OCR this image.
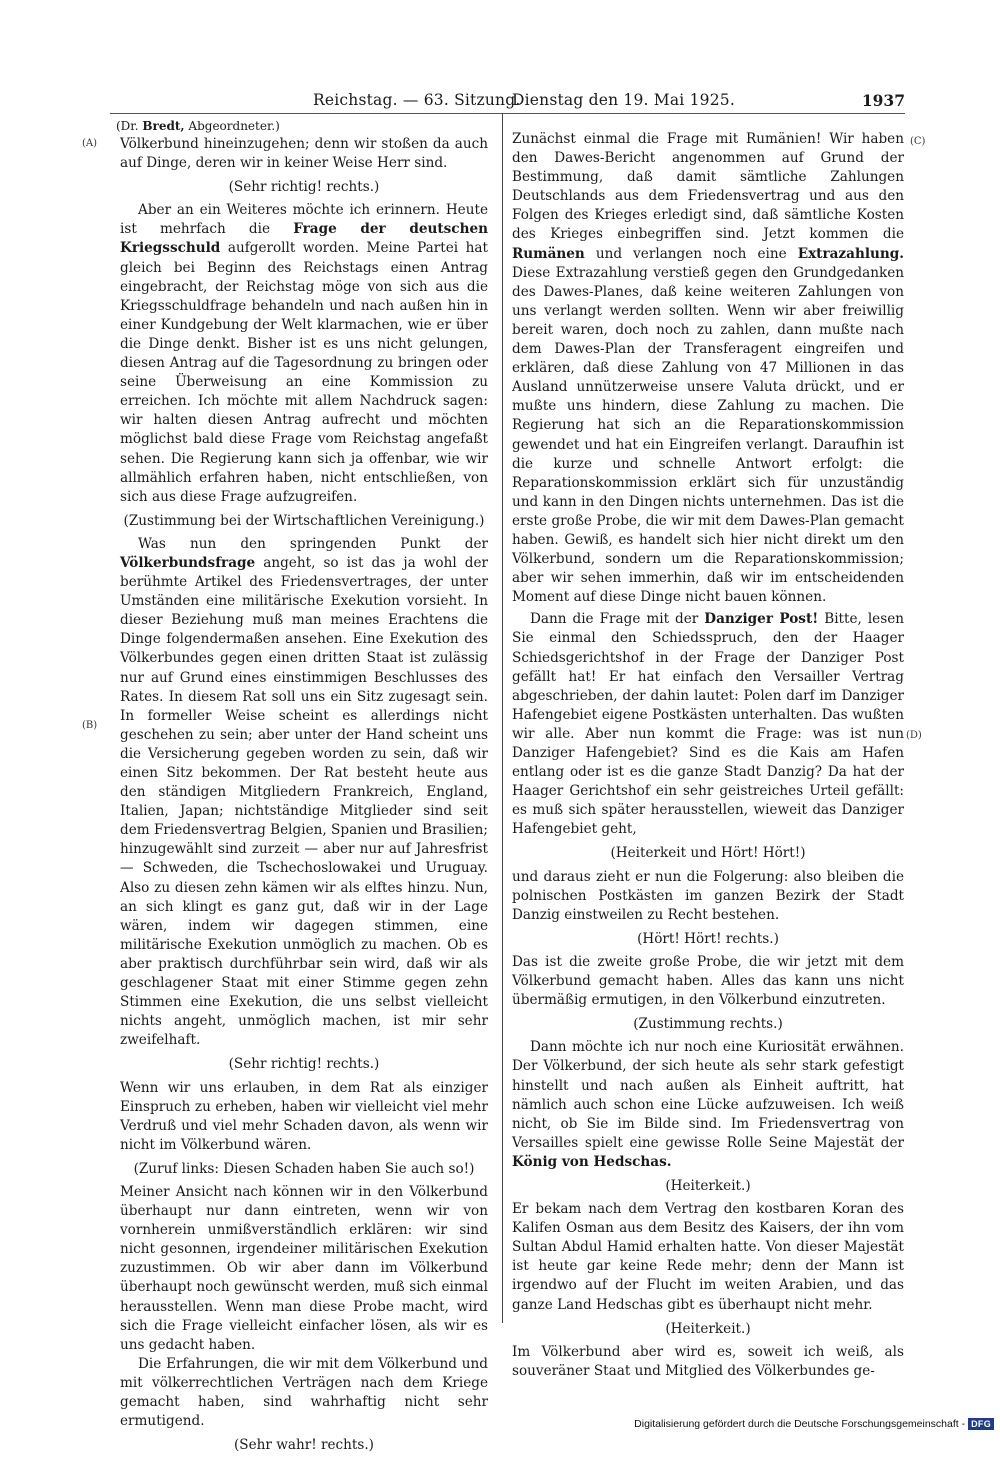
Reichstag. — 63. Sitzung.
Dienstag den 19. Mai 1925.	1937
(A)
(B)
(C)
(D)

(Dr. Bredt, Abgeordneter.)

Völkerbund hineinzugehen; denn wir stoßen da auch auf Dinge, deren wir in keiner Weise Herr sind.

(Sehr richtig! rechts.)

Aber an ein Weiteres möchte ich erinnern. Heute ist mehrfach die Frage der deutschen Kriegsschuld aufgerollt worden. Meine Partei hat gleich bei Beginn des Reichstags einen Antrag eingebracht, der Reichstag möge von sich aus die Kriegsschuldfrage behandeln und nach außen hin in einer Kundgebung der Welt klarmachen, wie er über die Dinge denkt. Bisher ist es uns nicht gelungen, diesen Antrag auf die Tagesordnung zu bringen oder seine Überweisung an eine Kommission zu erreichen. Ich möchte mit allem Nachdruck sagen: wir halten diesen Antrag aufrecht und möchten möglichst bald diese Frage vom Reichstag angefaßt sehen. Die Regierung kann sich ja offenbar, wie wir allmählich erfahren haben, nicht entschließen, von sich aus diese Frage aufzugreifen.

(Zustimmung bei der Wirtschaftlichen Vereinigung.)

Was nun den springenden Punkt der Völkerbundsfrage angeht, so ist das ja wohl der berühmte Artikel des Friedensvertrages, der unter Umständen eine militärische Exekution vorsieht. In dieser Beziehung muß man meines Erachtens die Dinge folgendermaßen ansehen. Eine Exekution des Völkerbundes gegen einen dritten Staat ist zulässig nur auf Grund eines einstimmigen Beschlusses des Rates. In diesem Rat soll uns ein Sitz zugesagt sein. In formeller Weise scheint es allerdings nicht geschehen zu sein; aber unter der Hand scheint uns die Versicherung gegeben worden zu sein, daß wir einen Sitz bekommen. Der Rat besteht heute aus den ständigen Mitgliedern Frankreich, England, Italien, Japan; nichtständige Mitglieder sind seit dem Friedensvertrag Belgien, Spanien und Brasilien; hinzugewählt sind zurzeit — aber nur auf Jahresfrist — Schweden, die Tschechoslowakei und Uruguay. Also zu diesen zehn kämen wir als elftes hinzu. Nun, an sich klingt es ganz gut, daß wir in der Lage wären, indem wir dagegen stimmen, eine militärische Exekution unmöglich zu machen. Ob es aber praktisch durchführbar sein wird, daß wir als geschlagener Staat mit einer Stimme gegen zehn Stimmen eine Exekution, die uns selbst vielleicht nichts angeht, unmöglich machen, ist mir sehr zweifelhaft.

(Sehr richtig! rechts.)

Wenn wir uns erlauben, in dem Rat als einziger Einspruch zu erheben, haben wir vielleicht viel mehr Verdruß und viel mehr Schaden davon, als wenn wir nicht im Völkerbund wären.

(Zuruf links: Diesen Schaden haben Sie auch so!)

Meiner Ansicht nach können wir in den Völkerbund überhaupt nur dann eintreten, wenn wir von vornherein unmißverständlich erklären: wir sind nicht gesonnen, irgendeiner militärischen Exekution zuzustimmen. Ob wir aber dann im Völkerbund überhaupt noch gewünscht werden, muß sich einmal herausstellen. Wenn man diese Probe macht, wird sich die Frage vielleicht einfacher lösen, als wir es uns gedacht haben.

Die Erfahrungen, die wir mit dem Völkerbund und mit völkerrechtlichen Verträgen nach dem Kriege gemacht haben, sind wahrhaftig nicht sehr ermutigend.

(Sehr wahr! rechts.)

Zunächst einmal die Frage mit Rumänien! Wir haben den Dawes-Bericht angenommen auf Grund der Bestimmung, daß damit sämtliche Zahlungen Deutschlands aus dem Friedensvertrag und aus den Folgen des Krieges erledigt sind, daß sämtliche Kosten des Krieges einbegriffen sind. Jetzt kommen die Rumänen und verlangen noch eine Extrazahlung. Diese Extrazahlung verstieß gegen den Grundgedanken des Dawes-Planes, daß keine weiteren Zahlungen von uns verlangt werden sollten. Wenn wir aber freiwillig bereit waren, doch noch zu zahlen, dann mußte nach dem Dawes-Plan der Transferagent eingreifen und erklären, daß diese Zahlung von 47 Millionen in das Ausland unnützerweise unsere Valuta drückt, und er mußte uns hindern, diese Zahlung zu machen. Die Regierung hat sich an die Reparationskommission gewendet und hat ein Eingreifen verlangt. Daraufhin ist die kurze und schnelle Antwort erfolgt: die Reparationskommission erklärt sich für unzuständig und kann in den Dingen nichts unternehmen. Das ist die erste große Probe, die wir mit dem Dawes-Plan gemacht haben. Gewiß, es handelt sich hier nicht direkt um den Völkerbund, sondern um die Reparationskommission; aber wir sehen immerhin, daß wir im entscheidenden Moment auf diese Dinge nicht bauen können.

Dann die Frage mit der Danziger Post! Bitte, lesen Sie einmal den Schiedsspruch, den der Haager Schiedsgerichtshof in der Frage der Danziger Post gefällt hat! Er hat einfach den Versailler Vertrag abgeschrieben, der dahin lautet: Polen darf im Danziger Hafengebiet eigene Postkästen unterhalten. Das wußten wir alle. Aber nun kommt die Frage: was ist nun Danziger Hafengebiet? Sind es die Kais am Hafen entlang oder ist es die ganze Stadt Danzig? Da hat der Haager Gerichtshof ein sehr geistreiches Urteil gefällt: es muß sich später herausstellen, wieweit das Danziger Hafengebiet geht,

(Heiterkeit und Hört! Hört!)

und daraus zieht er nun die Folgerung: also bleiben die polnischen Postkästen im ganzen Bezirk der Stadt Danzig einstweilen zu Recht bestehen.

(Hört! Hört! rechts.)

Das ist die zweite große Probe, die wir jetzt mit dem Völkerbund gemacht haben. Alles das kann uns nicht übermäßig ermutigen, in den Völkerbund einzutreten.

(Zustimmung rechts.)

Dann möchte ich nur noch eine Kuriosität erwähnen. Der Völkerbund, der sich heute als sehr stark gefestigt hinstellt und nach außen als Einheit auftritt, hat nämlich auch schon eine Lücke aufzuweisen. Ich weiß nicht, ob Sie im Bilde sind. Im Friedensvertrag von Versailles spielt eine gewisse Rolle Seine Majestät der König von Hedschas.

(Heiterkeit.)

Er bekam nach dem Vertrag den kostbaren Koran des Kalifen Osman aus dem Besitz des Kaisers, der ihn vom Sultan Abdul Hamid erhalten hatte. Von dieser Majestät ist heute gar keine Rede mehr; denn der Mann ist irgendwo auf der Flucht im weiten Arabien, und das ganze Land Hedschas gibt es überhaupt nicht mehr.

(Heiterkeit.)

Im Völkerbund aber wird es, soweit ich weiß, als souveräner Staat und Mitglied des Völkerbundes ge-

Digitalisierung gefördert durch die Deutsche Forschungsgemeinschaft - DFG
